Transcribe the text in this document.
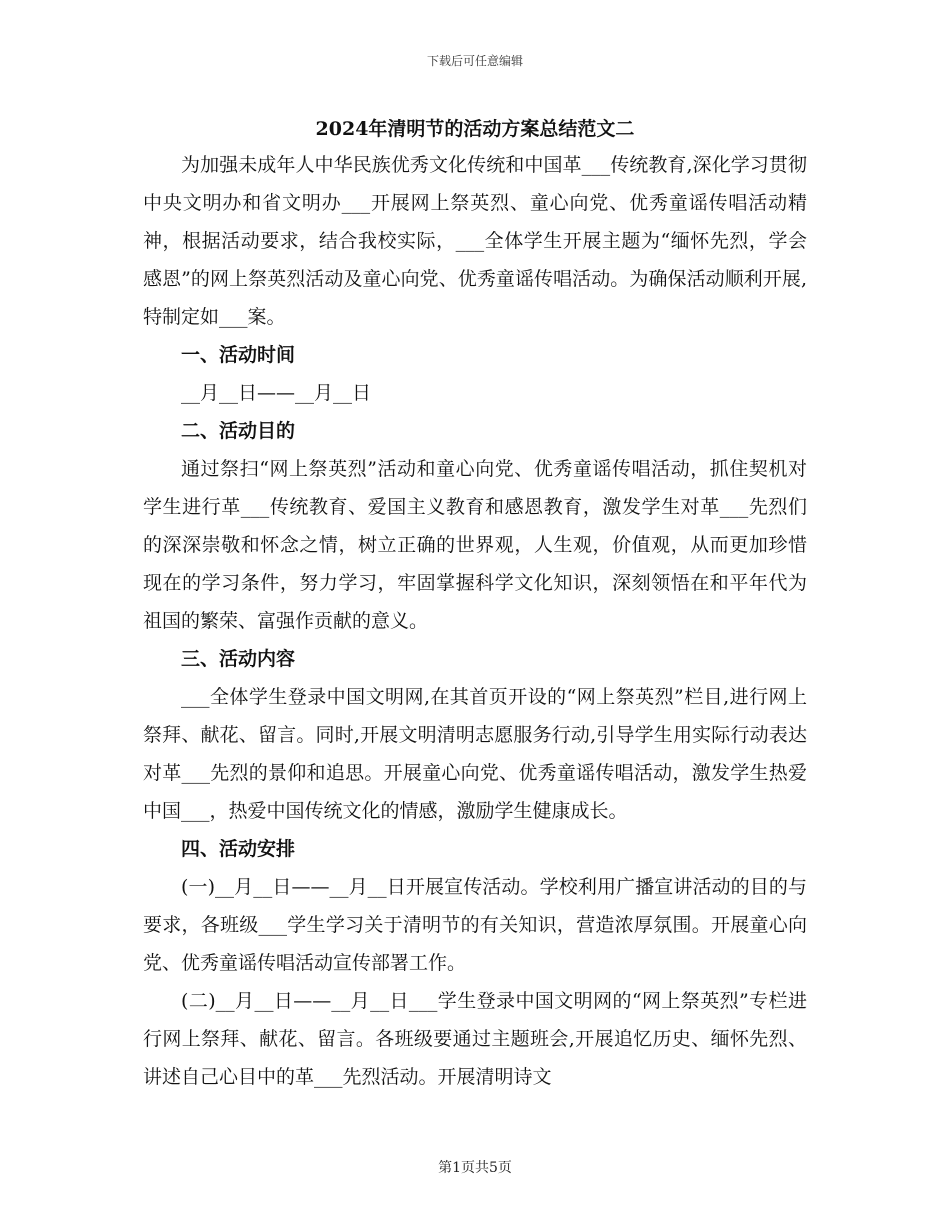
下载后可任意编辑
2024年清明节的活动方案总结范文二

为加强未成年人中华民族优秀文化传统和中国革___传统教育,深化学习贯彻中央文明办和省文明办___开展网上祭英烈、童心向党、优秀童谣传唱活动精神，根据活动要求，结合我校实际，___全体学生开展主题为“缅怀先烈，学会感恩”的网上祭英烈活动及童心向党、优秀童谣传唱活动。为确保活动顺利开展,特制定如___案。

一、活动时间

__月__日——__月__日

二、活动目的

通过祭扫“网上祭英烈”活动和童心向党、优秀童谣传唱活动，抓住契机对学生进行革___传统教育、爱国主义教育和感恩教育，激发学生对革___先烈们的深深崇敬和怀念之情，树立正确的世界观，人生观，价值观，从而更加珍惜现在的学习条件，努力学习，牢固掌握科学文化知识，深刻领悟在和平年代为祖国的繁荣、富强作贡献的意义。

三、活动内容

___全体学生登录中国文明网,在其首页开设的“网上祭英烈”栏目,进行网上祭拜、献花、留言。同时,开展文明清明志愿服务行动,引导学生用实际行动表达对革___先烈的景仰和追思。开展童心向党、优秀童谣传唱活动，激发学生热爱中国___，热爱中国传统文化的情感，激励学生健康成长。

四、活动安排

(一)__月__日——__月__日开展宣传活动。学校利用广播宣讲活动的目的与要求，各班级___学生学习关于清明节的有关知识，营造浓厚氛围。开展童心向党、优秀童谣传唱活动宣传部署工作。

(二)__月__日——__月__日___学生登录中国文明网的“网上祭英烈”专栏进行网上祭拜、献花、留言。各班级要通过主题班会,开展追忆历史、缅怀先烈、讲述自己心目中的革___先烈活动。开展清明诗文

第1页共5页
